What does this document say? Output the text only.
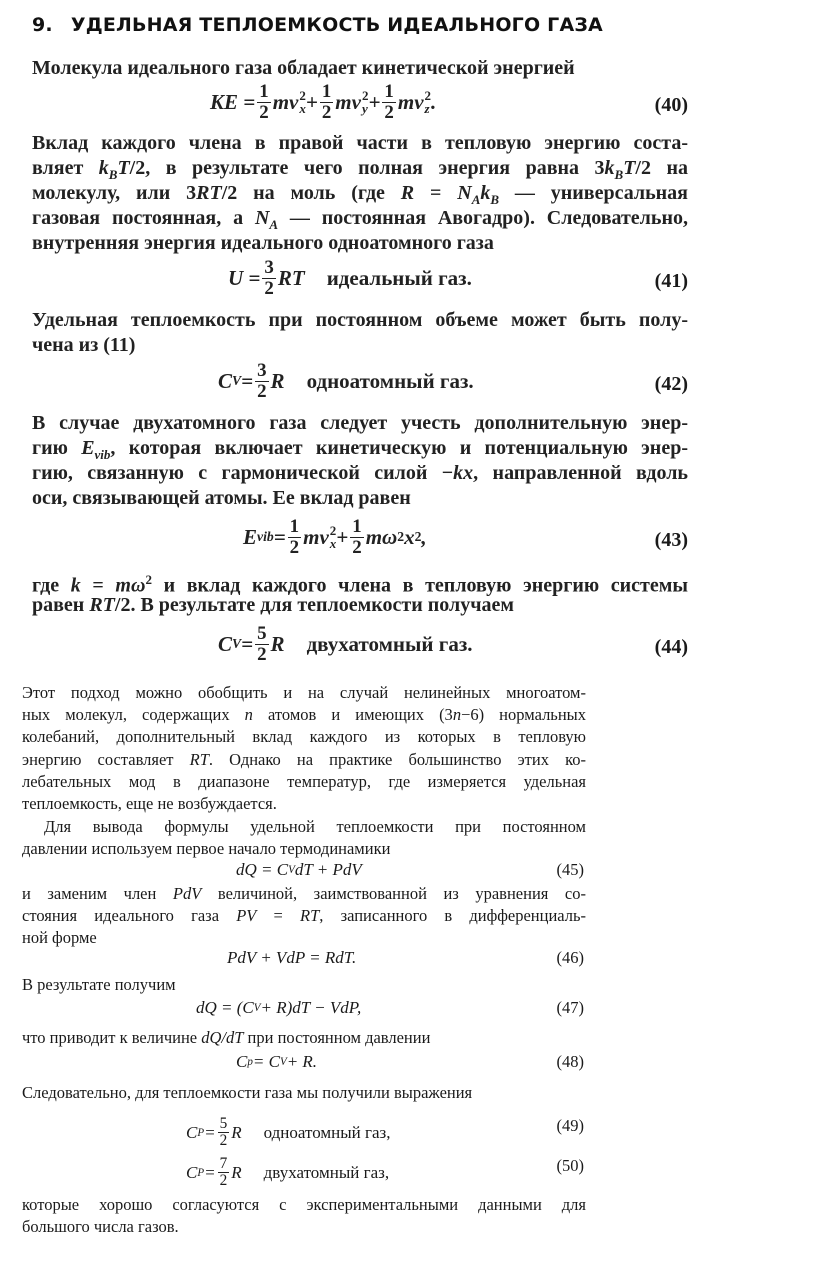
9. УДЕЛЬНАЯ ТЕПЛОЕМКОСТЬ ИДЕАЛЬНОГО ГАЗА
Молекула идеального газа обладает кинетической энергией
Вклад каждого члена в правой части в тепловую энергию соста-
вляет $k_BT/2$, в результате чего полная энергия равна $3k_BT/2$ на
молекулу, или 3RT/2 на моль (где $R = N_Ak_B$ — универсальная
газовая постоянная, а $N_A$ — постоянная Авогадро). Следовательно,
внутренняя энергия идеального одноатомного газа
Удельная теплоемкость при постоянном объеме может быть полу-
чена из (11)
В случае двухатомного газа следует учесть дополнительную энер-
гию $E_{vib}$, которая включает кинетическую и потенциальную энер-
гию, связанную с гармонической силой −kx, направленной вдоль
оси, связывающей атомы. Ее вклад равен
где $k = m\omega^2$ и вклад каждого члена в тепловую энергию системы
равен RT/2. В результате для теплоемкости получаем
KE = $\frac{1}{2}$ mv 2
$x + \frac{1}{2}$ mv 2
$y + \frac{1}{2}$ mv 2
z .	(40)
$U = \frac{3}{2}$ RT идеальный газ.	(41)
C $V = \frac{3}{2}$ R одноатомный газ.	(42)
E vib = $\frac{1}{2}$ mv 2
$x + \frac{1}{2}$ mω 2 x 2 ,	(43)
C $V = \frac{5}{2}$ R двухатомный газ.	(44)
Этот подход можно обобщить и на случай нелинейных многоатом-
ных молекул, содержащих n атомов и имеющих (3n−6) нормальных
колебаний, дополнительный вклад каждого из которых в тепловую
энергию составляет RT. Однако на практике большинство этих ко-
лебательных мод в диапазоне температур, где измеряется удельная
теплоемкость, еще не возбуждается.
Для вывода формулы удельной теплоемкости при постоянном
давлении используем первое начало термодинамики
и заменим член PdV величиной, заимствованной из уравнения со-
стояния идеального газа PV = RT, записанного в дифференциаль-
ной форме
В результате получим
что приводит к величине dQ/dT при постоянном давлении
Следовательно, для теплоемкости газа мы получили выражения
которые хорошо согласуются с экспериментальными данными для
большого числа газов.
dQ = C V dT + PdV	(45)
PdV + VdP = RdT.	(46)
dQ = (C V + R)dT − VdP,	(47)
C p = C V + R.	(48)
C $P = \frac{5}{2}$ R одноатомный газ,	(49)
C $P = \frac{7}{2}$ R двухатомный газ,	(50)
